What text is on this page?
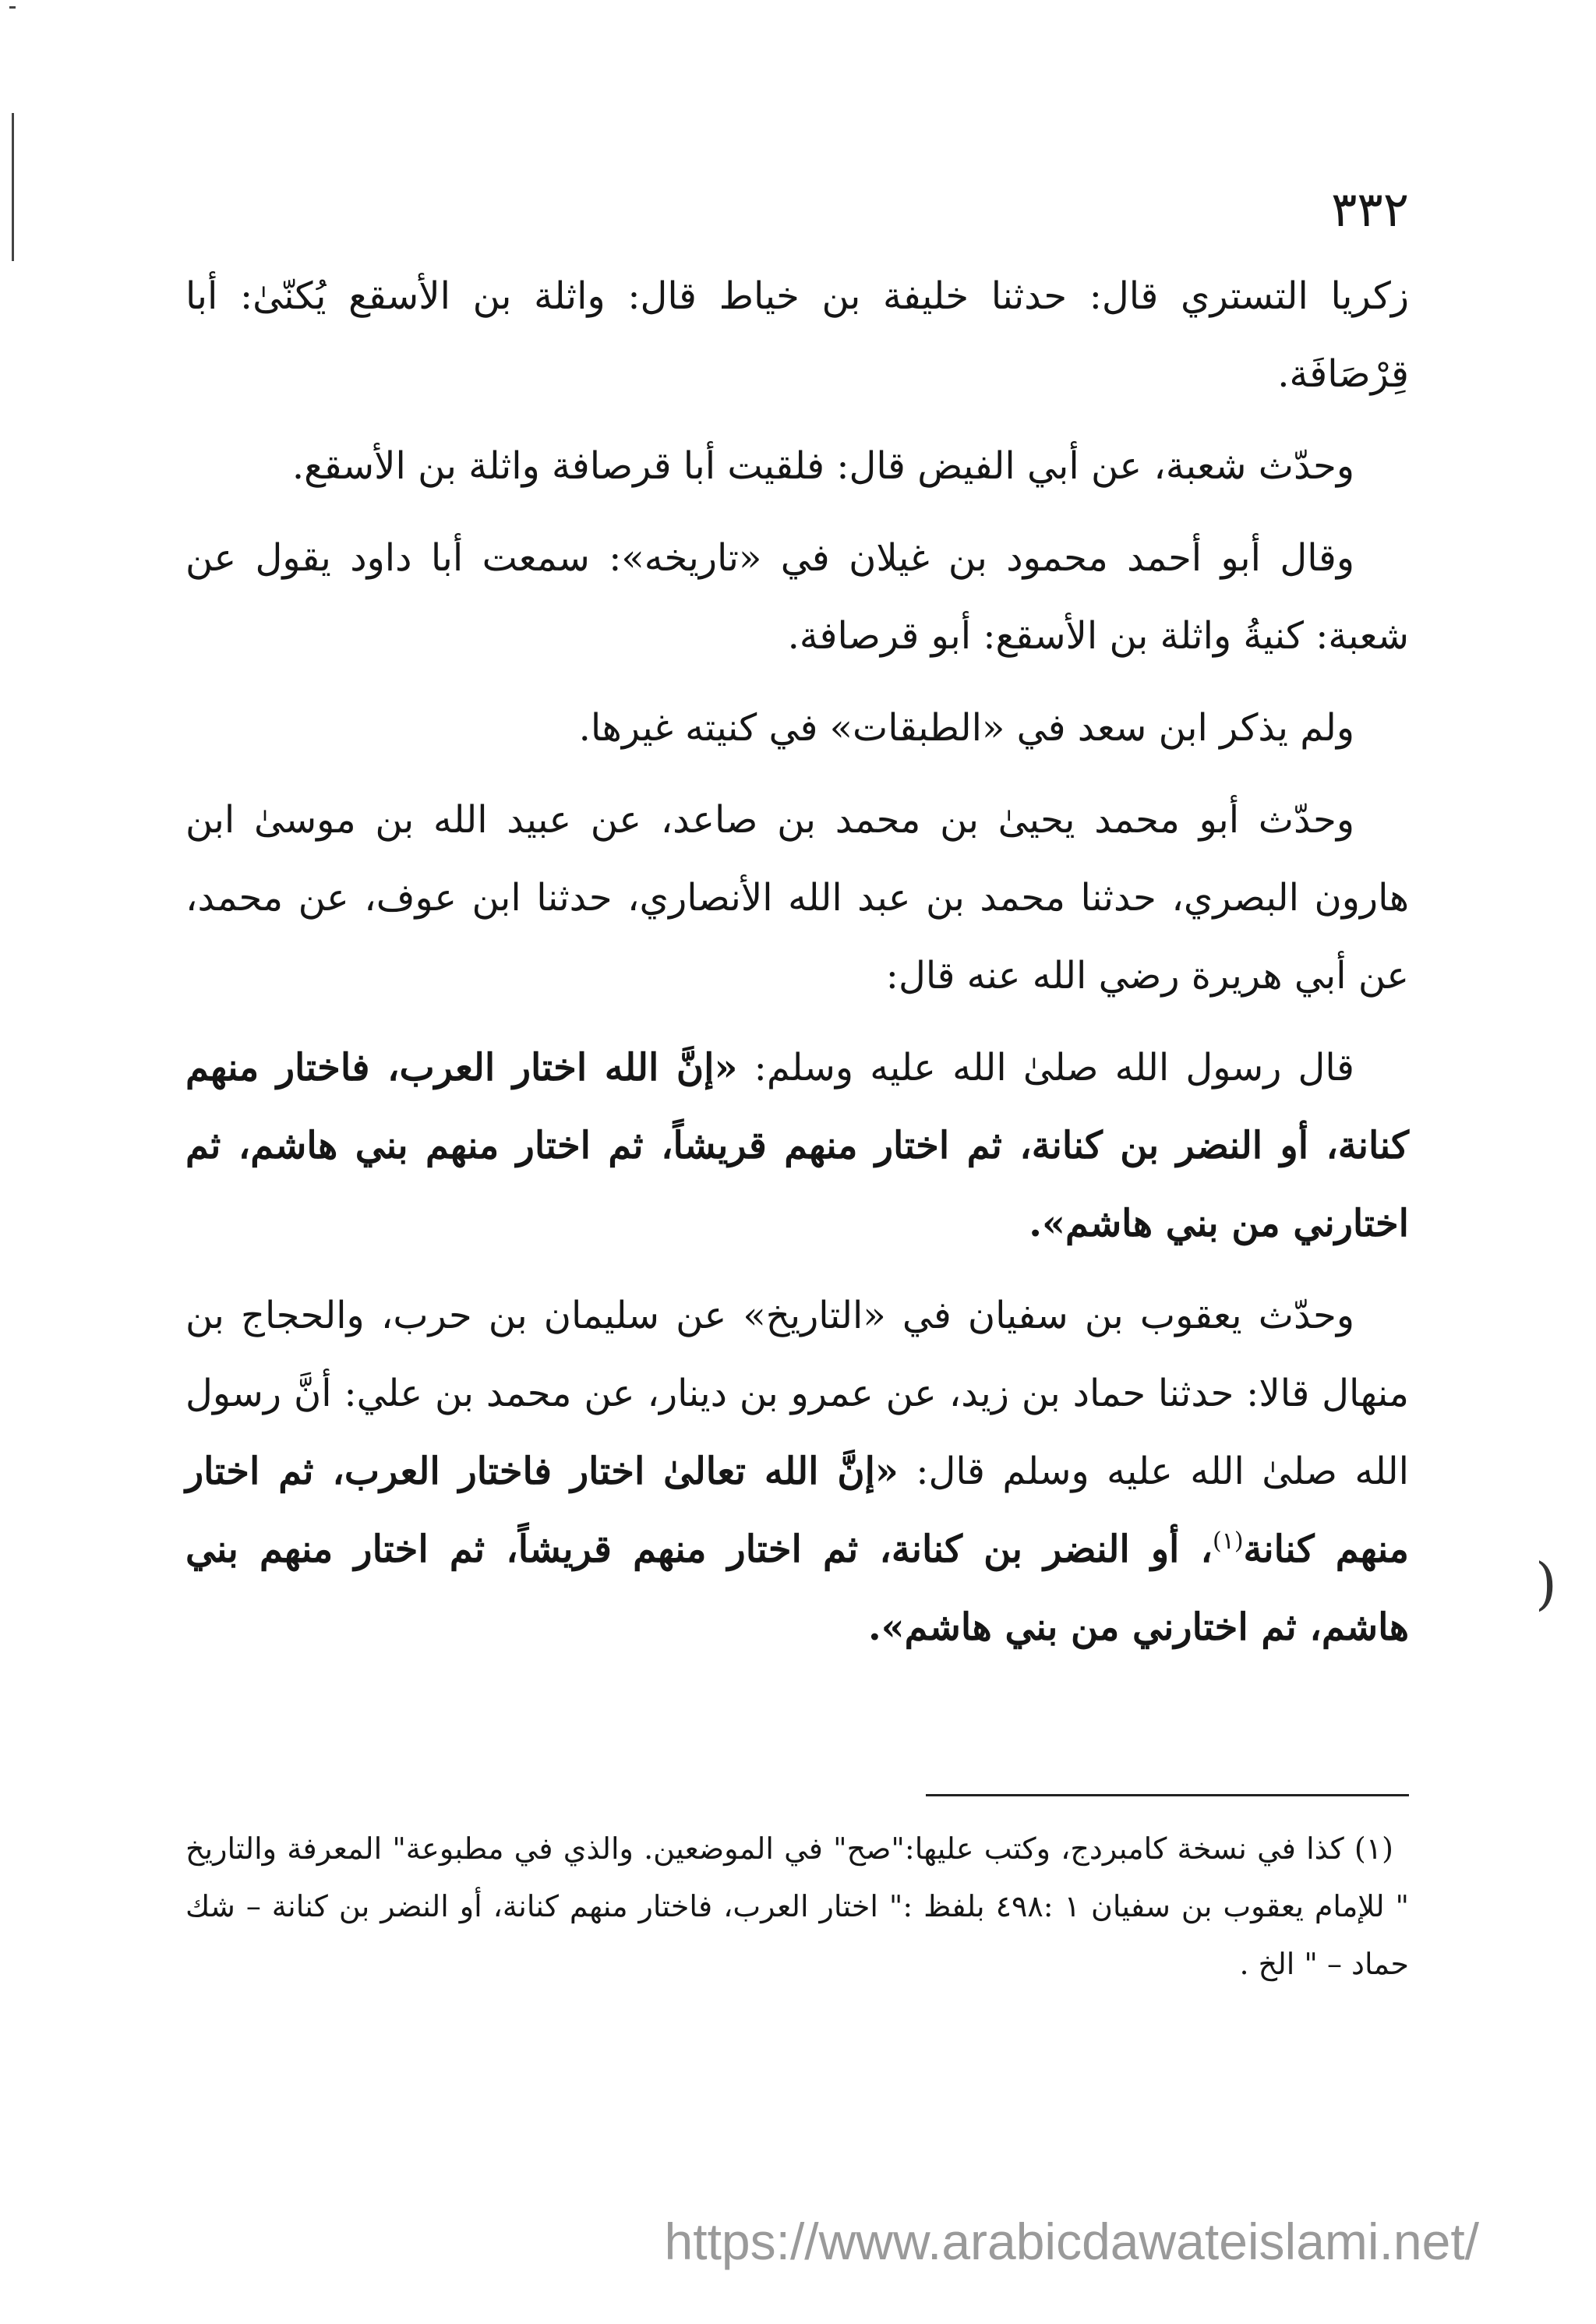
(
٣٣٢

زكريا التستري قال: حدثنا خليفة بن خياط قال: واثلة بن الأسقع يُكنّىٰ: أبا قِرْصَافَة.

وحدّث شعبة، عن أبي الفيض قال: فلقيت أبا قرصافة واثلة بن الأسقع.

وقال أبو أحمد محمود بن غيلان في «تاريخه»: سمعت أبا داود يقول عن شعبة: كنيةُ واثلة بن الأسقع: أبو قرصافة.

ولم يذكر ابن سعد في «الطبقات» في كنيته غيرها.

وحدّث أبو محمد يحيىٰ بن محمد بن صاعد، عن عبيد الله بن موسىٰ ابن هارون البصري، حدثنا محمد بن عبد الله الأنصاري، حدثنا ابن عوف، عن محمد، عن أبي هريرة رضي الله عنه قال:

قال رسول الله صلىٰ الله عليه وسلم: «إنَّ الله اختار العرب، فاختار منهم كنانة، أو النضر بن كنانة، ثم اختار منهم قريشاً، ثم اختار منهم بني هاشم، ثم اختارني من بني هاشم».

وحدّث يعقوب بن سفيان في «التاريخ» عن سليمان بن حرب، والحجاج بن منهال قالا: حدثنا حماد بن زيد، عن عمرو بن دينار، عن محمد بن علي: أنَّ رسول الله صلىٰ الله عليه وسلم قال: «إنَّ الله تعالىٰ اختار فاختار العرب، ثم اختار منهم كنانة$^{(١)}$، أو النضر بن كنانة، ثم اختار منهم قريشاً، ثم اختار منهم بني هاشم، ثم اختارني من بني هاشم».

(١) كذا في نسخة كامبردج، وكتب عليها:"صح" في الموضعين. والذي في مطبوعة" المعرفة والتاريخ " للإمام يعقوب بن سفيان ١ :٤٩٨ بلفظ :" اختار العرب، فاختار منهم كنانة، أو النضر بن كنانة – شك حماد – " الخ .

https://www.arabicdawateislami.net/
